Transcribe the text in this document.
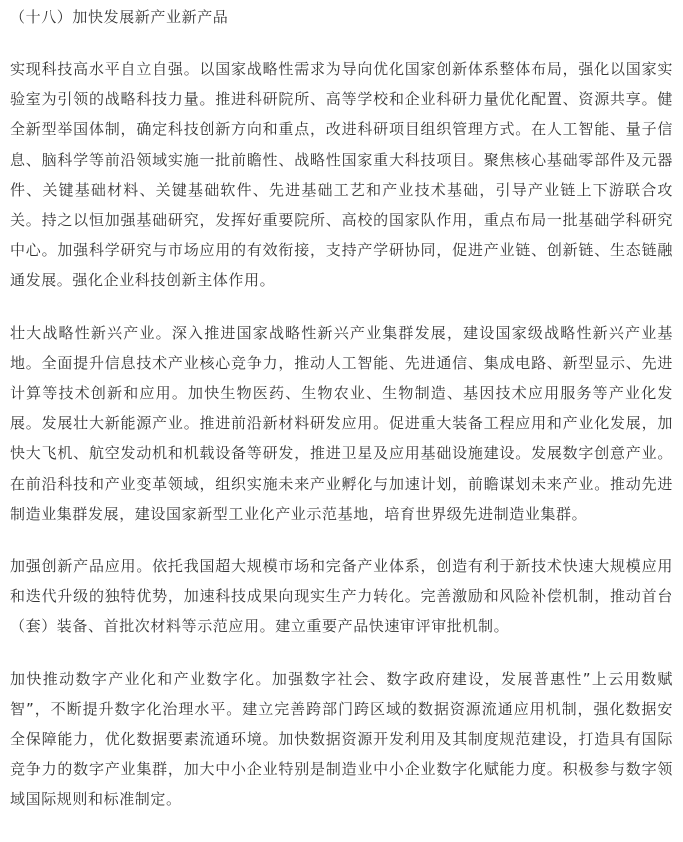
（十八）加快发展新产业新产品

实现科技高水平自立自强。以国家战略性需求为导向优化国家创新体系整体布局，强化以国家实验室为引领的战略科技力量。推进科研院所、高等学校和企业科研力量优化配置、资源共享。健全新型举国体制，确定科技创新方向和重点，改进科研项目组织管理方式。在人工智能、量子信息、脑科学等前沿领域实施一批前瞻性、战略性国家重大科技项目。聚焦核心基础零部件及元器件、关键基础材料、关键基础软件、先进基础工艺和产业技术基础，引导产业链上下游联合攻关。持之以恒加强基础研究，发挥好重要院所、高校的国家队作用，重点布局一批基础学科研究中心。加强科学研究与市场应用的有效衔接，支持产学研协同，促进产业链、创新链、生态链融通发展。强化企业科技创新主体作用。

壮大战略性新兴产业。深入推进国家战略性新兴产业集群发展，建设国家级战略性新兴产业基地。全面提升信息技术产业核心竞争力，推动人工智能、先进通信、集成电路、新型显示、先进计算等技术创新和应用。加快生物医药、生物农业、生物制造、基因技术应用服务等产业化发展。发展壮大新能源产业。推进前沿新材料研发应用。促进重大装备工程应用和产业化发展，加快大飞机、航空发动机和机载设备等研发，推进卫星及应用基础设施建设。发展数字创意产业。在前沿科技和产业变革领域，组织实施未来产业孵化与加速计划，前瞻谋划未来产业。推动先进制造业集群发展，建设国家新型工业化产业示范基地，培育世界级先进制造业集群。

加强创新产品应用。依托我国超大规模市场和完备产业体系，创造有利于新技术快速大规模应用和迭代升级的独特优势，加速科技成果向现实生产力转化。完善激励和风险补偿机制，推动首台（套）装备、首批次材料等示范应用。建立重要产品快速审评审批机制。

加快推动数字产业化和产业数字化。加强数字社会、数字政府建设，发展普惠性”上云用数赋智”，不断提升数字化治理水平。建立完善跨部门跨区域的数据资源流通应用机制，强化数据安全保障能力，优化数据要素流通环境。加快数据资源开发利用及其制度规范建设，打造具有国际竞争力的数字产业集群，加大中小企业特别是制造业中小企业数字化赋能力度。积极参与数字领域国际规则和标准制定。
